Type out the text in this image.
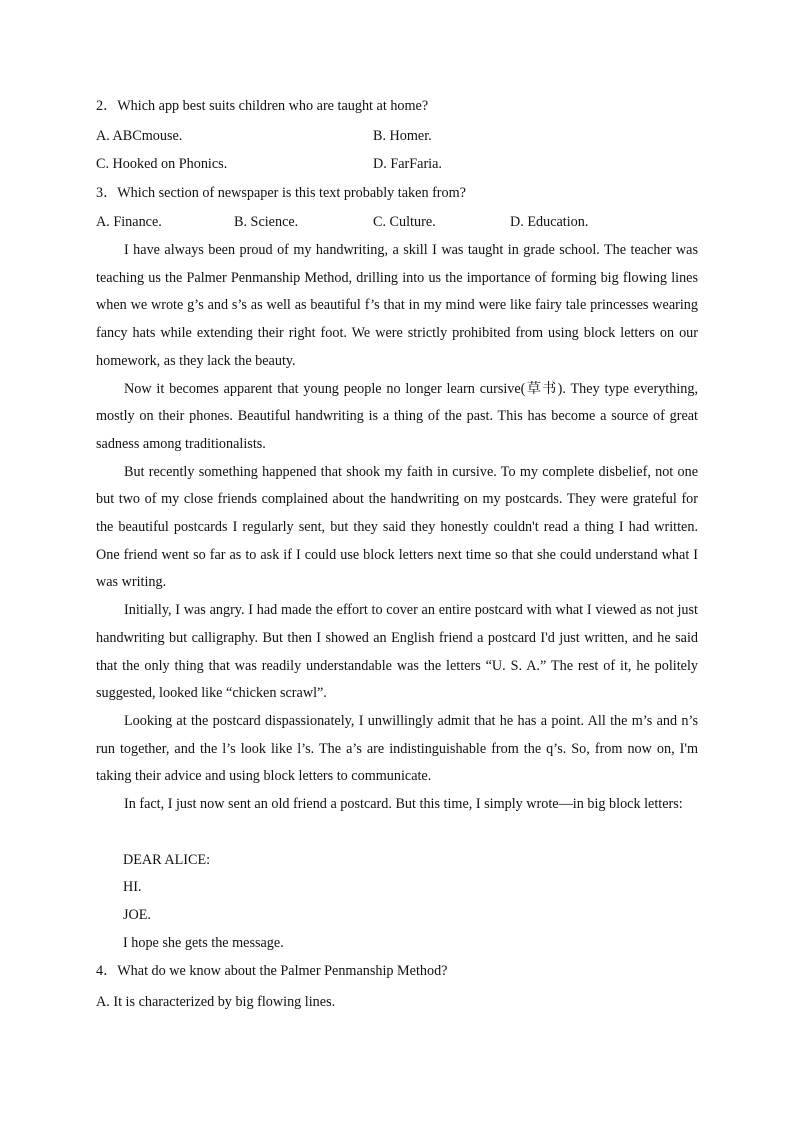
2．Which app best suits children who are taught at home?
A. ABCmouse.	B. Homer.
C. Hooked on Phonics.	D. FarFaria.
3．Which section of newspaper is this text probably taken from?
A. Finance.	B. Science.	C. Culture.	D. Education.

I have always been proud of my handwriting, a skill I was taught in grade school. The teacher was teaching us the Palmer Penmanship Method, drilling into us the importance of forming big flowing lines when we wrote g’s and s’s as well as beautiful f’s that in my mind were like fairy tale princesses wearing fancy hats while extending their right foot. We were strictly prohibited from using block letters on our homework, as they lack the beauty.

Now it becomes apparent that young people no longer learn cursive(草书). They type everything, mostly on their phones. Beautiful handwriting is a thing of the past. This has become a source of great sadness among traditionalists.

But recently something happened that shook my faith in cursive. To my complete disbelief, not one but two of my close friends complained about the handwriting on my postcards. They were grateful for the beautiful postcards I regularly sent, but they said they honestly couldn't read a thing I had written. One friend went so far as to ask if I could use block letters next time so that she could understand what I was writing.

Initially, I was angry. I had made the effort to cover an entire postcard with what I viewed as not just handwriting but calligraphy. But then I showed an English friend a postcard I'd just written, and he said that the only thing that was readily understandable was the letters “U. S. A.” The rest of it, he politely suggested, looked like “chicken scrawl”.

Looking at the postcard dispassionately, I unwillingly admit that he has a point. All the m’s and n’s run together, and the l’s look like l’s. The a’s are indistinguishable from the q’s. So, from now on, I'm taking their advice and using block letters to communicate.

In fact, I just now sent an old friend a postcard. But this time, I simply wrote—in big block letters:

DEAR ALICE:
HI.
JOE.
I hope she gets the message.
4．What do we know about the Palmer Penmanship Method?
A. It is characterized by big flowing lines.
